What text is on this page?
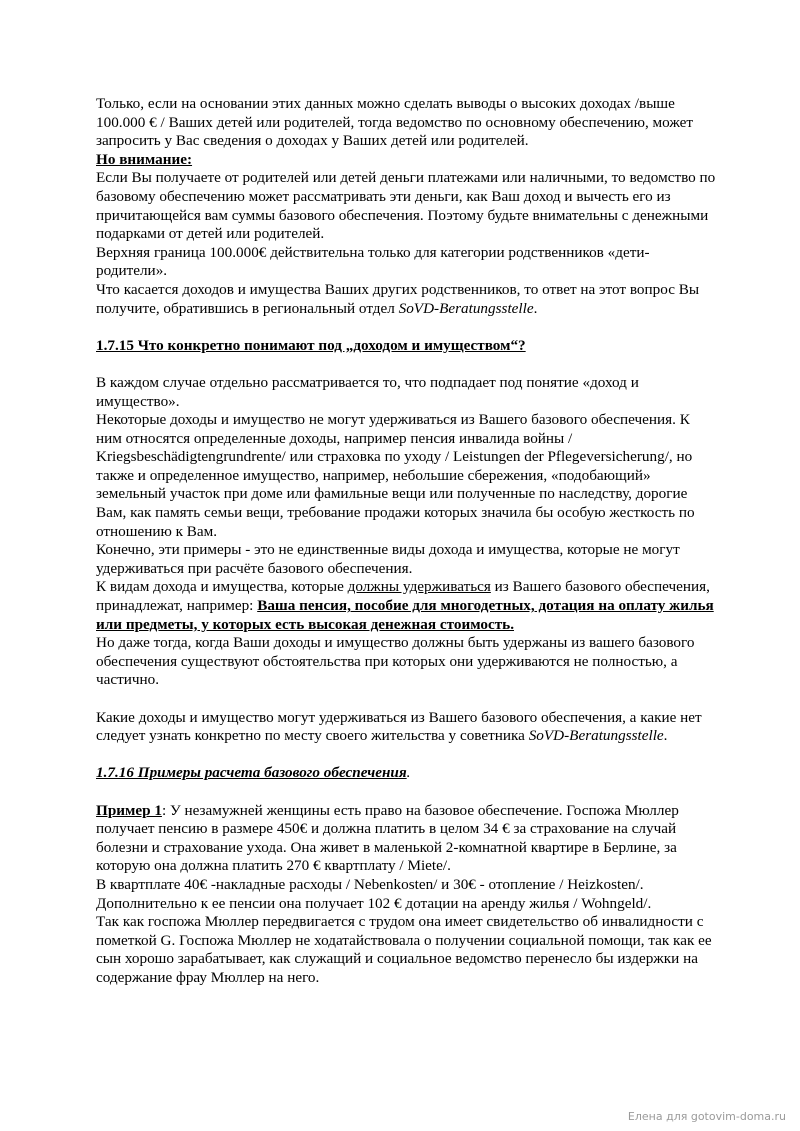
Только, если на основании этих данных можно сделать выводы о высоких доходах /выше 100.000 € / Ваших детей или родителей, тогда ведомство по основному обеспечению, может запросить у Вас сведения о доходах у Ваших детей или родителей.

Но внимание:

Если Вы получаете от родителей или детей деньги платежами или наличными, то ведомство по базовому обеспечению может рассматривать эти деньги, как Ваш доход и вычесть его из причитающейся вам суммы базового обеспечения. Поэтому будьте внимательны с денежными подарками от детей или родителей.

Верхняя граница 100.000€ действительна только для категории родственников «дети-родители».

Что касается доходов и имущества Ваших других родственников, то ответ на этот вопрос Вы получите, обратившись в региональный отдел SoVD-Beratungsstelle.

1.7.15 Что конкретно понимают под „доходом и имуществом“?

В каждом случае отдельно рассматривается то, что подпадает под понятие «доход и имущество».

Некоторые доходы и имущество не могут удерживаться из Вашего базового обеспечения. К ним относятся определенные доходы, например пенсия инвалида войны / Kriegsbeschädigtengrundrente/ или страховка по уходу / Leistungen der Pflegeversicherung/, но также и определенное имущество, например, небольшие сбережения, «подобающий» земельный участок при доме или фамильные вещи или полученные по наследству, дорогие Вам, как память семьи вещи, требование продажи которых значила бы особую жесткость по отношению к Вам.

Конечно, эти примеры - это не единственные виды дохода и имущества, которые не могут удерживаться при расчёте базового обеспечения.

К видам дохода и имущества, которые должны удерживаться из Вашего базового обеспечения, принадлежат, например: Ваша пенсия, пособие для многодетных, дотация на оплату жилья или предметы, у которых есть высокая денежная стоимость.

Но даже тогда, когда Ваши доходы и имущество должны быть удержаны из вашего базового обеспечения существуют обстоятельства при которых они удерживаются не полностью, а частично.

Какие доходы и имущество могут удерживаться из Вашего базового обеспечения, а какие нет следует узнать конкретно по месту своего жительства у советника SoVD-Beratungsstelle.

1.7.16 Примеры расчета базового обеспечения.

Пример 1: У незамужней женщины есть право на базовое обеспечение. Госпожа Мюллер получает пенсию в размере 450€ и должна платить в целом 34 € за страхование на случай болезни и страхование ухода. Она живет в маленькой 2-комнатной квартире в Берлине, за которую она должна платить 270 € квартплату / Miete/.

В квартплате 40€ -накладные расходы / Nebenkosten/ и 30€ - отопление / Heizkosten/.

Дополнительно к ее пенсии она получает 102 € дотации на аренду жилья / Wohngeld/.

Так как госпожа Мюллер передвигается с трудом она имеет свидетельство об инвалидности с пометкой G. Госпожа Мюллер не ходатайствовала о получении социальной помощи, так как ее сын хорошо зарабатывает, как служащий и социальное ведомство перенесло бы издержки на содержание фрау Мюллер на него.

Елена для gotovim-doma.ru
